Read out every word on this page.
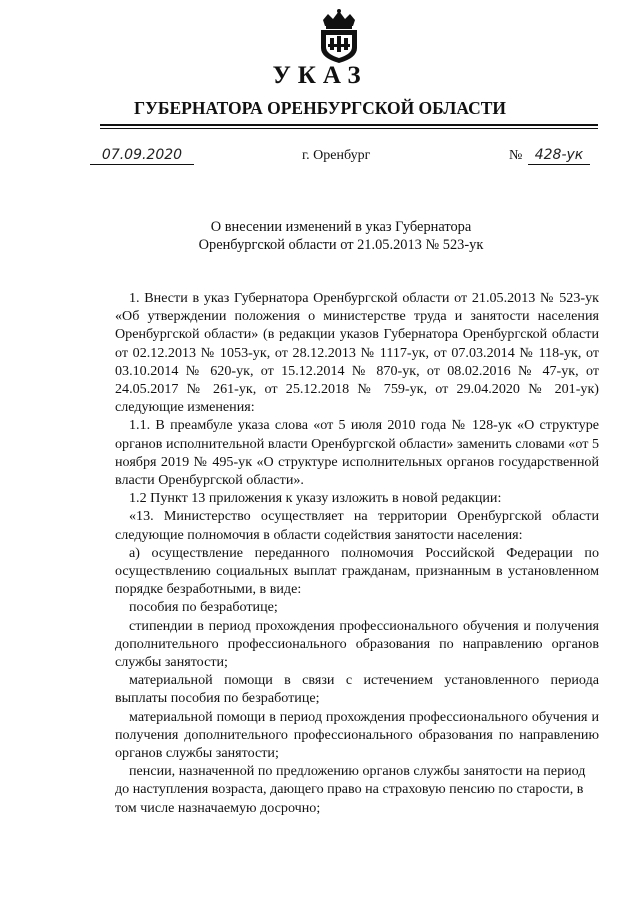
УКАЗ
ГУБЕРНАТОРА ОРЕНБУРГСКОЙ ОБЛАСТИ
07.09.2020	г. Оренбург	№ 428-ук
О внесении изменений в указ Губернатора
Оренбургской области от 21.05.2013 № 523-ук

1. Внести в указ Губернатора Оренбургской области от 21.05.2013 № 523-ук «Об утверждении положения о министерстве труда и занятости населения Оренбургской области» (в редакции указов Губернатора Оренбургской области от 02.12.2013 № 1053-ук, от 28.12.2013 № 1117-ук, от 07.03.2014 № 118-ук, от 03.10.2014 № 620-ук, от 15.12.2014 № 870-ук, от 08.02.2016 № 47-ук, от 24.05.2017 № 261-ук, от 25.12.2018 № 759-ук, от 29.04.2020 № 201-ук) следующие изменения:

1.1. В преамбуле указа слова «от 5 июля 2010 года № 128-ук «О структуре органов исполнительной власти Оренбургской области» заменить словами «от 5 ноября 2019 № 495-ук «О структуре исполнительных органов государственной власти Оренбургской области».

1.2 Пункт 13 приложения к указу изложить в новой редакции:

«13. Министерство осуществляет на территории Оренбургской области следующие полномочия в области содействия занятости населения:

а) осуществление переданного полномочия Российской Федерации по осуществлению социальных выплат гражданам, признанным в установленном порядке безработными, в виде:

пособия по безработице;

стипендии в период прохождения профессионального обучения и получения дополнительного профессионального образования по направлению органов службы занятости;

материальной помощи в связи с истечением установленного периода выплаты пособия по безработице;

материальной помощи в период прохождения профессионального обучения и получения дополнительного профессионального образования по направлению органов службы занятости;

пенсии, назначенной по предложению органов службы занятости на период до наступления возраста, дающего право на страховую пенсию по старости, в том числе назначаемую досрочно;
